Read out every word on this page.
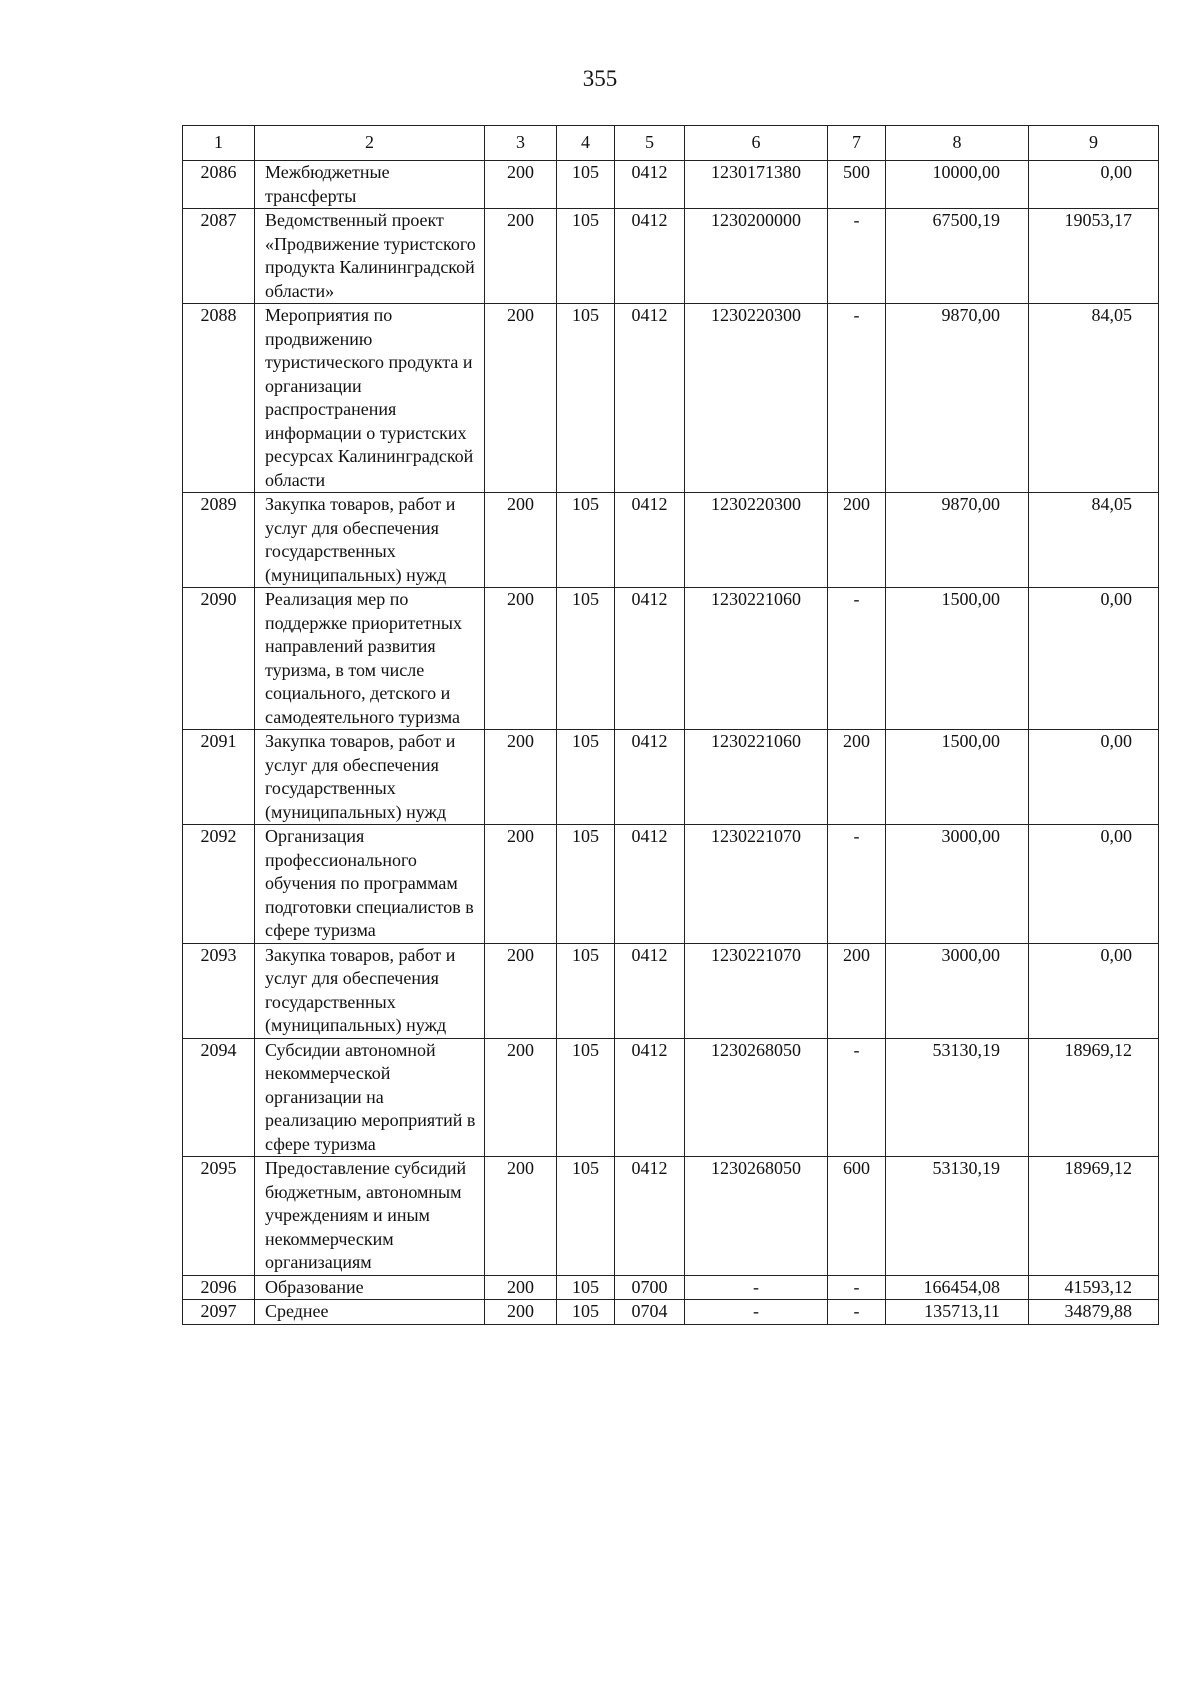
355
1	2	3	4	5	6	7	8	9
2086	Межбюджетные трансферты	200	105	0412	1230171380	500	10000,00	0,00
2087	Ведомственный проект «Продвижение туристского продукта Калининградской области»	200	105	0412	1230200000	-	67500,19	19053,17
2088	Мероприятия по продвижению туристического продукта и организации распространения информации о туристских ресурсах Калининградской области	200	105	0412	1230220300	-	9870,00	84,05
2089	Закупка товаров, работ и услуг для обеспечения государственных (муниципальных) нужд	200	105	0412	1230220300	200	9870,00	84,05
2090	Реализация мер по поддержке приоритетных направлений развития туризма, в том числе социального, детского и самодеятельного туризма	200	105	0412	1230221060	-	1500,00	0,00
2091	Закупка товаров, работ и услуг для обеспечения государственных (муниципальных) нужд	200	105	0412	1230221060	200	1500,00	0,00
2092	Организация профессионального обучения по программам подготовки специалистов в сфере туризма	200	105	0412	1230221070	-	3000,00	0,00
2093	Закупка товаров, работ и услуг для обеспечения государственных (муниципальных) нужд	200	105	0412	1230221070	200	3000,00	0,00
2094	Субсидии автономной некоммерческой организации на реализацию мероприятий в сфере туризма	200	105	0412	1230268050	-	53130,19	18969,12
2095	Предоставление субсидий бюджетным, автономным учреждениям и иным некоммерческим организациям	200	105	0412	1230268050	600	53130,19	18969,12
2096	Образование	200	105	0700	-	-	166454,08	41593,12
2097	Среднее	200	105	0704	-	-	135713,11	34879,88
